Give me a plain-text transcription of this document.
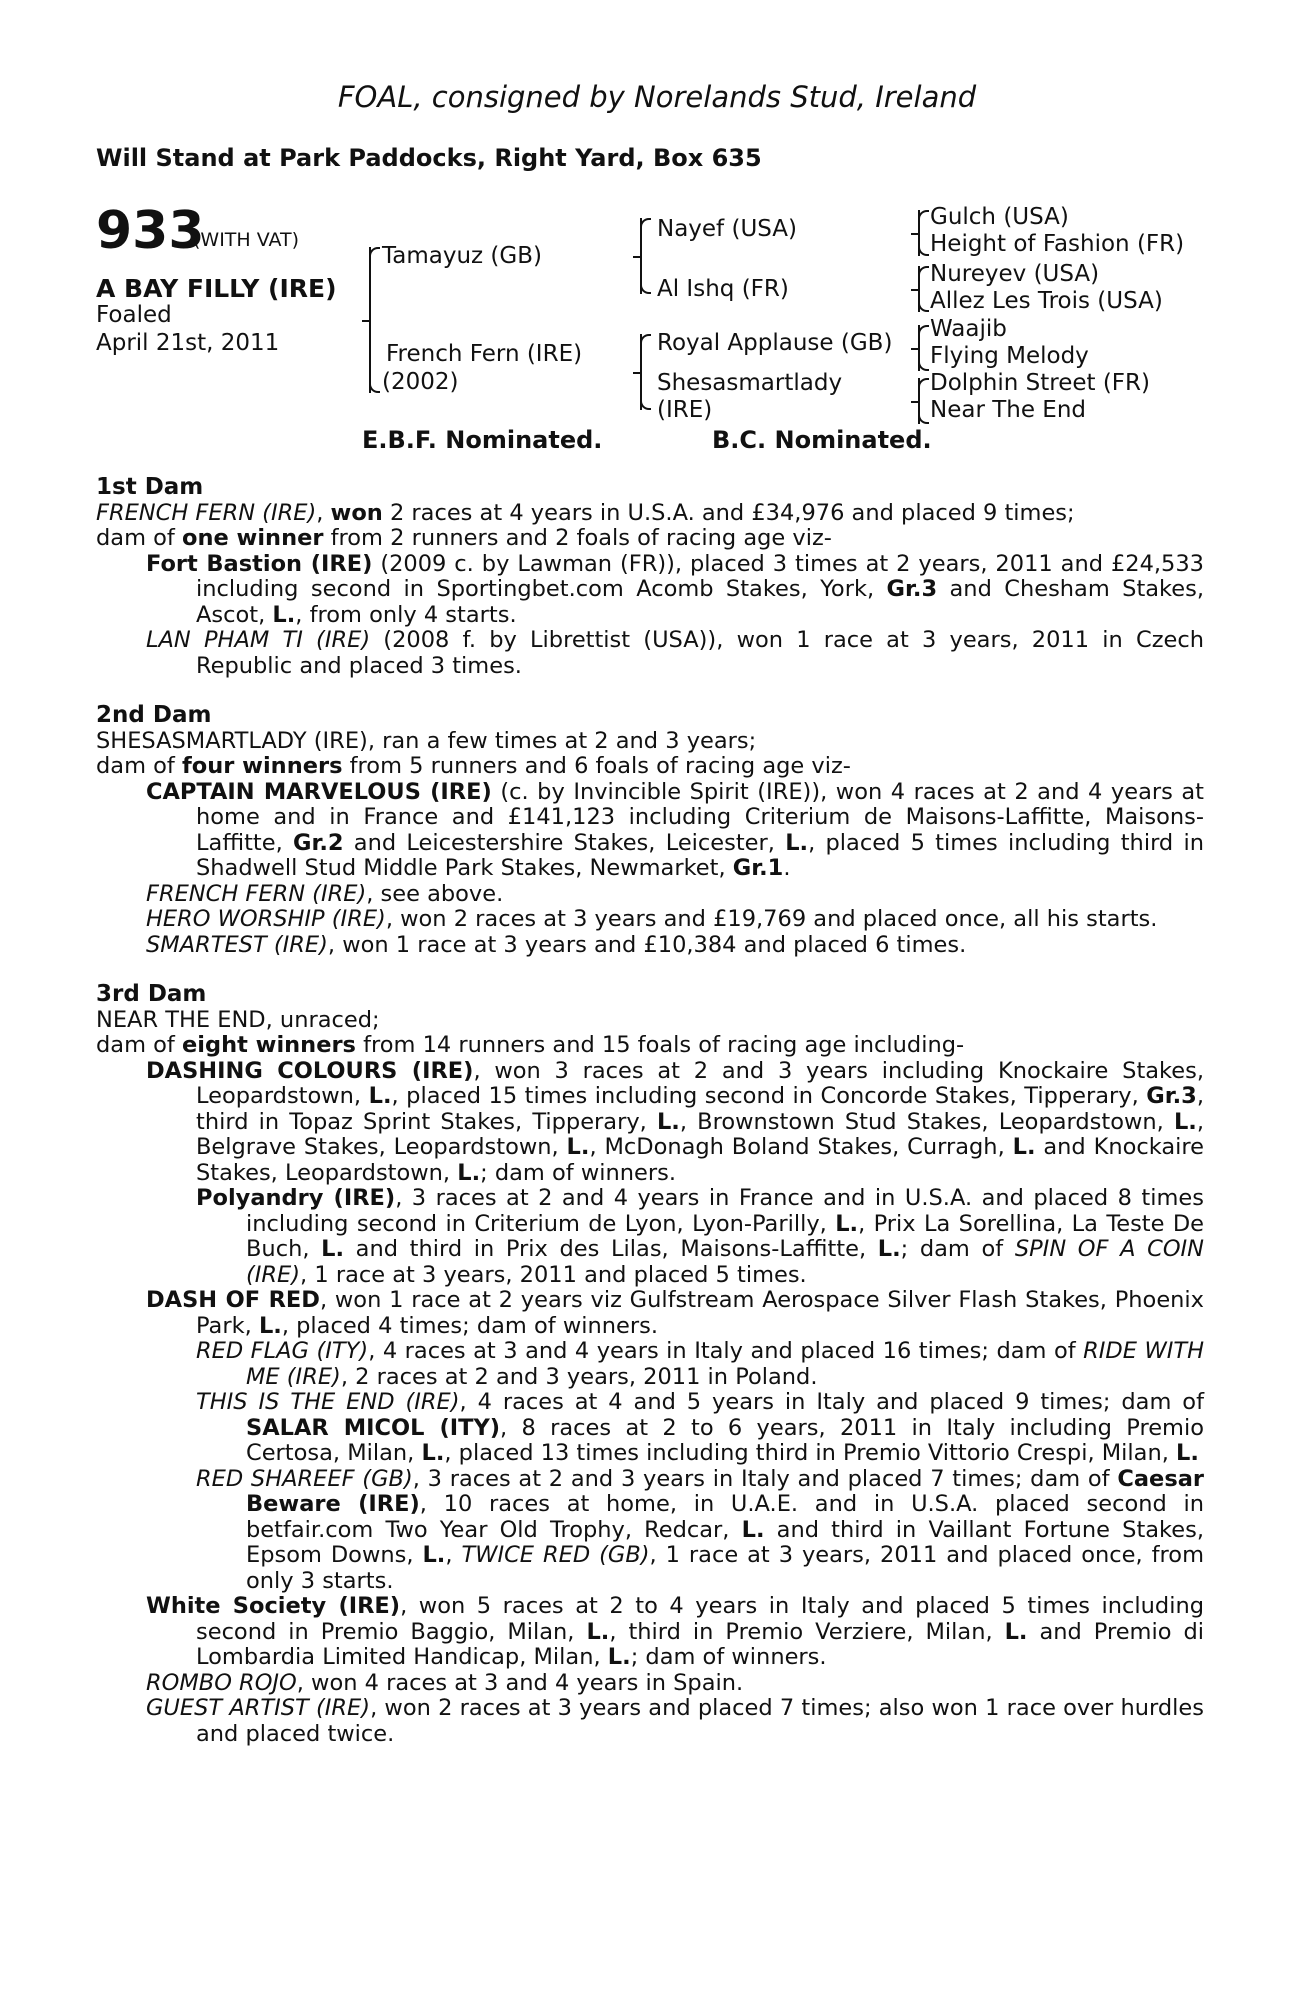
FOAL, consigned by Norelands Stud, Ireland
Will Stand at Park Paddocks, Right Yard, Box 635
933
(WITH VAT)
A BAY FILLY (IRE)
Foaled
April 21st, 2011
Tamayuz (GB)
French Fern (IRE)
(2002)
Nayef (USA)
Al Ishq (FR)
Royal Applause (GB)
Shesasmartlady
(IRE)
Gulch (USA)
Height of Fashion (FR)
Nureyev (USA)
Allez Les Trois (USA)
Waajib
Flying Melody
Dolphin Street (FR)
Near The End
E.B.F. Nominated.	B.C. Nominated.
1st Dam

FRENCH FERN (IRE), won 2 races at 4 years in U.S.A. and £34,976 and placed 9 times;

dam of one winner from 2 runners and 2 foals of racing age viz-

Fort Bastion (IRE) (2009 c. by Lawman (FR)), placed 3 times at 2 years, 2011 and £24,533 including second in Sportingbet.com Acomb Stakes, York, Gr.3 and Chesham Stakes, Ascot, L., from only 4 starts.

LAN PHAM TI (IRE) (2008 f. by Librettist (USA)), won 1 race at 3 years, 2011 in Czech Republic and placed 3 times.

2nd Dam

SHESASMARTLADY (IRE), ran a few times at 2 and 3 years;

dam of four winners from 5 runners and 6 foals of racing age viz-

CAPTAIN MARVELOUS (IRE) (c. by Invincible Spirit (IRE)), won 4 races at 2 and 4 years at home and in France and £141,123 including Criterium de Maisons-Laffitte, Maisons-Laffitte, Gr.2 and Leicestershire Stakes, Leicester, L., placed 5 times including third in Shadwell Stud Middle Park Stakes, Newmarket, Gr.1.

FRENCH FERN (IRE), see above.

HERO WORSHIP (IRE), won 2 races at 3 years and £19,769 and placed once, all his starts.

SMARTEST (IRE), won 1 race at 3 years and £10,384 and placed 6 times.

3rd Dam

NEAR THE END, unraced;

dam of eight winners from 14 runners and 15 foals of racing age including-

DASHING COLOURS (IRE), won 3 races at 2 and 3 years including Knockaire Stakes, Leopardstown, L., placed 15 times including second in Concorde Stakes, Tipperary, Gr.3, third in Topaz Sprint Stakes, Tipperary, L., Brownstown Stud Stakes, Leopardstown, L., Belgrave Stakes, Leopardstown, L., McDonagh Boland Stakes, Curragh, L. and Knockaire Stakes, Leopardstown, L.; dam of winners.

Polyandry (IRE), 3 races at 2 and 4 years in France and in U.S.A. and placed 8 times including second in Criterium de Lyon, Lyon-Parilly, L., Prix La Sorellina, La Teste De Buch, L. and third in Prix des Lilas, Maisons-Laffitte, L.; dam of SPIN OF A COIN (IRE), 1 race at 3 years, 2011 and placed 5 times.

DASH OF RED, won 1 race at 2 years viz Gulfstream Aerospace Silver Flash Stakes, Phoenix Park, L., placed 4 times; dam of winners.

RED FLAG (ITY), 4 races at 3 and 4 years in Italy and placed 16 times; dam of RIDE WITH ME (IRE), 2 races at 2 and 3 years, 2011 in Poland.

THIS IS THE END (IRE), 4 races at 4 and 5 years in Italy and placed 9 times; dam of SALAR MICOL (ITY), 8 races at 2 to 6 years, 2011 in Italy including Premio Certosa, Milan, L., placed 13 times including third in Premio Vittorio Crespi, Milan, L.

RED SHAREEF (GB), 3 races at 2 and 3 years in Italy and placed 7 times; dam of Caesar Beware (IRE), 10 races at home, in U.A.E. and in U.S.A. placed second in betfair.com Two Year Old Trophy, Redcar, L. and third in Vaillant Fortune Stakes, Epsom Downs, L., TWICE RED (GB), 1 race at 3 years, 2011 and placed once, from only 3 starts.

White Society (IRE), won 5 races at 2 to 4 years in Italy and placed 5 times including second in Premio Baggio, Milan, L., third in Premio Verziere, Milan, L. and Premio di Lombardia Limited Handicap, Milan, L.; dam of winners.

ROMBO ROJO, won 4 races at 3 and 4 years in Spain.

GUEST ARTIST (IRE), won 2 races at 3 years and placed 7 times; also won 1 race over hurdles and placed twice.
